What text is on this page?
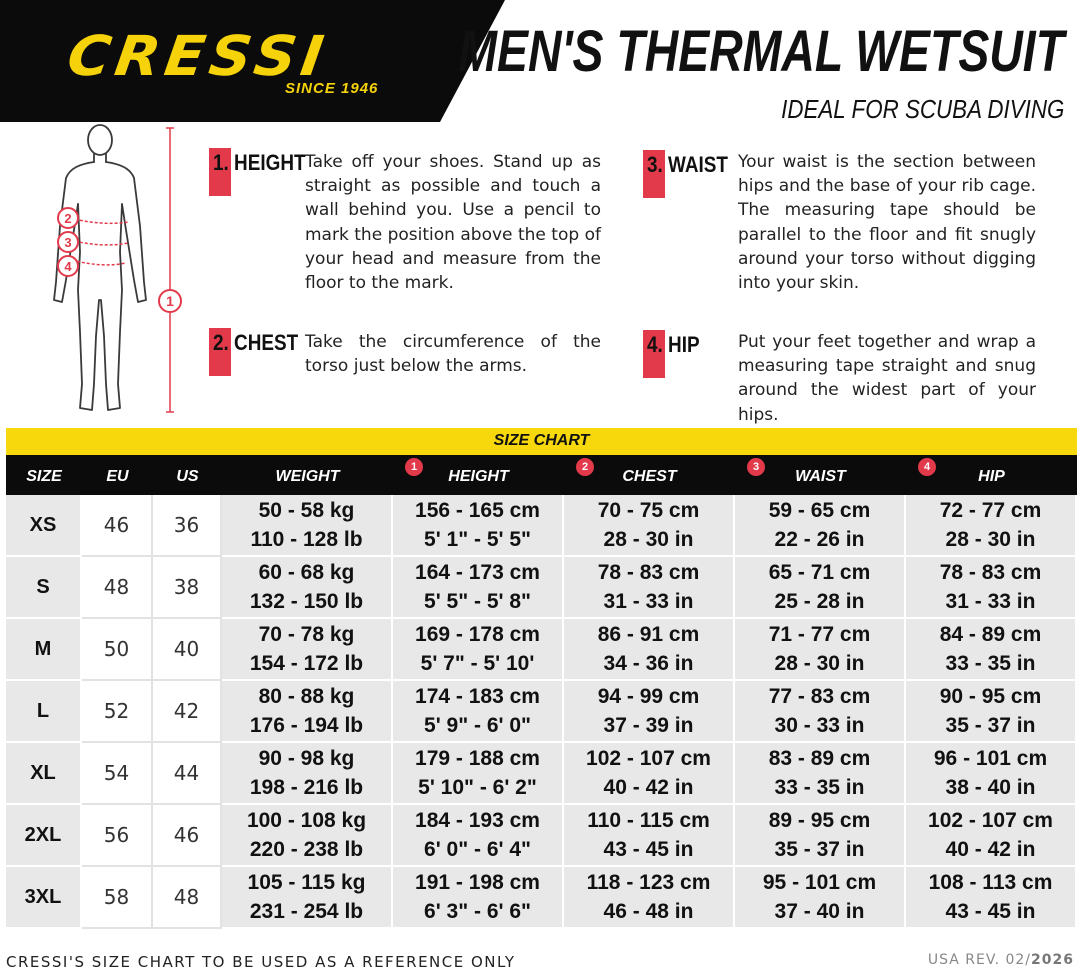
CRESSI
SINCE 1946
MEN'S THERMAL WETSUIT
IDEAL FOR SCUBA DIVING
1
2
3
4
1. HEIGHT Take off your shoes. Stand up as straight as possible and touch a wall behind you. Use a pencil to mark the position above the top of your head and measure from the floor to the mark.
2. CHEST Take the circumference of the torso just below the arms.
3. WAIST Your waist is the section between hips and the base of your rib cage. The measuring tape should be parallel to the floor and fit snugly around your torso without digging into your skin.
4. HIP Put your feet together and wrap a measuring tape straight and snug around the widest part of your hips.
SIZE CHART
SIZE	EU	US	WEIGHT	HEIGHT
1
CHEST
2
WAIST
3
HIP
4
XS 46 36
50 - 58 kg
110 - 128 lb
156 - 165 cm
5' 1" - 5' 5"
70 - 75 cm
28 - 30 in
59 - 65 cm
22 - 26 in
72 - 77 cm
28 - 30 in
S	48 38
60 - 68 kg
132 - 150 lb
164 - 173 cm
5' 5" - 5' 8"
78 - 83 cm
31 - 33 in
65 - 71 cm
25 - 28 in
78 - 83 cm
31 - 33 in
M	50 40
70 - 78 kg
154 - 172 lb
169 - 178 cm
5' 7" - 5' 10'
86 - 91 cm
34 - 36 in
71 - 77 cm
28 - 30 in
84 - 89 cm
33 - 35 in
L	52 42
80 - 88 kg
176 - 194 lb
174 - 183 cm
5' 9" - 6' 0"
94 - 99 cm
37 - 39 in
77 - 83 cm
30 - 33 in
90 - 95 cm
35 - 37 in
XL 54 44
90 - 98 kg
198 - 216 lb
179 - 188 cm
5' 10" - 6' 2"
102 - 107 cm
40 - 42 in
83 - 89 cm
33 - 35 in
96 - 101 cm
38 - 40 in
2XL 56 46
100 - 108 kg
220 - 238 lb
184 - 193 cm
6' 0" - 6' 4"
110 - 115 cm
43 - 45 in
89 - 95 cm
35 - 37 in
102 - 107 cm
40 - 42 in
3XL 58 48
105 - 115 kg
231 - 254 lb
191 - 198 cm
6' 3" - 6' 6"
118 - 123 cm
46 - 48 in
95 - 101 cm
37 - 40 in
108 - 113 cm
43 - 45 in
CRESSI'S SIZE CHART TO BE USED AS A REFERENCE ONLY	USA REV. 02/2026
